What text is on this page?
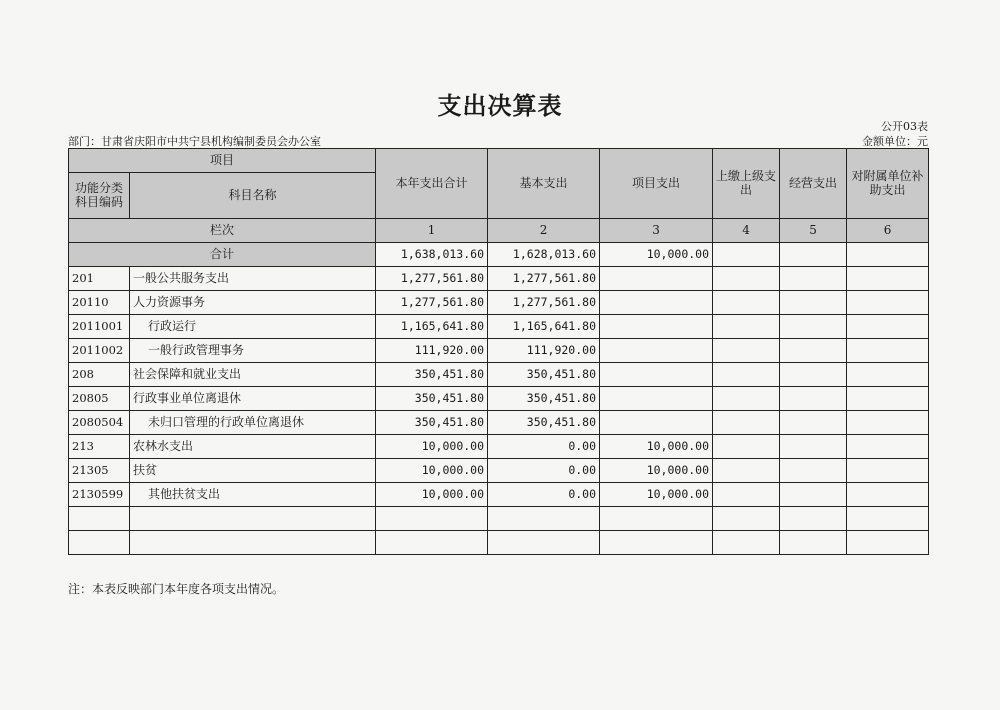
支出决算表
公开03表
部门：甘肃省庆阳市中共宁县机构编制委员会办公室	金额单位：元
项目		本年支出合计	基本支出	项目支出	上缴上级支出	经营支出	对附属单位补助支出
功能分类科目编码	科目名称						

栏次		1	2	3	4	5	6
合计		1,638,013.60	1,628,013.60	10,000.00			
201	一般公共服务支出	1,277,561.80	1,277,561.80				
20110	人力资源事务	1,277,561.80	1,277,561.80				
2011001	行政运行	1,165,641.80	1,165,641.80				
2011002	一般行政管理事务	111,920.00	111,920.00				
208	社会保障和就业支出	350,451.80	350,451.80				
20805	行政事业单位离退休	350,451.80	350,451.80				
2080504	未归口管理的行政单位离退休	350,451.80	350,451.80				
213	农林水支出	10,000.00	0.00	10,000.00			
21305	扶贫	10,000.00	0.00	10,000.00			
2130599	其他扶贫支出	10,000.00	0.00	10,000.00			

注：本表反映部门本年度各项支出情况。
